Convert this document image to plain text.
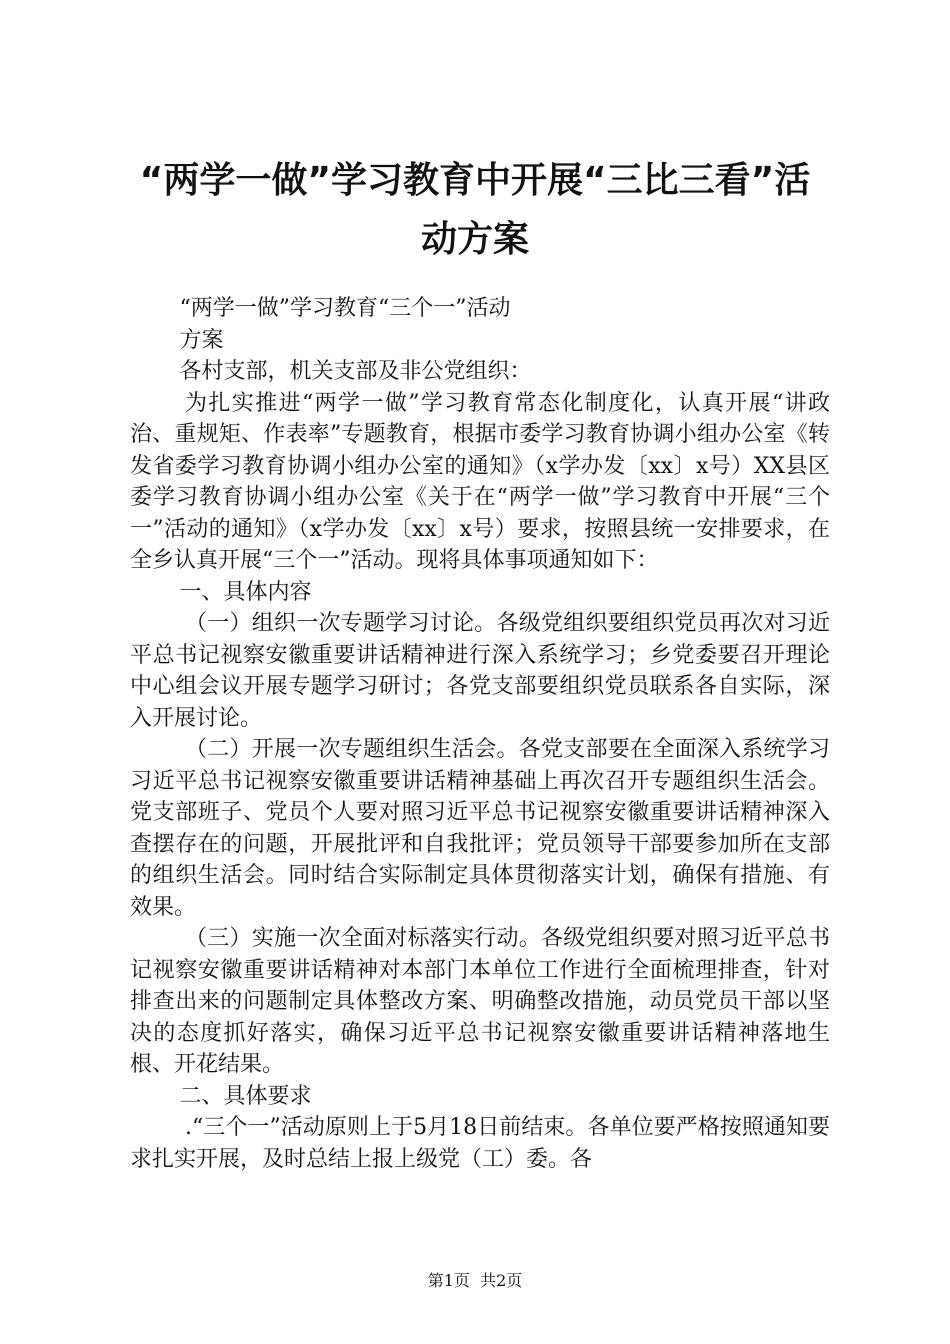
“两学一做”学习教育中开展“三比三看”活
动方案

“两学一做”学习教育“三个一”活动

方案

各村支部，机关支部及非公党组织：

为扎实推进“两学一做”学习教育常态化制度化，认真开展“讲政治、重规矩、作表率”专题教育，根据市委学习教育协调小组办公室《转发省委学习教育协调小组办公室的通知》（x学办发〔xx〕x号）XX县区委学习教育协调小组办公室《关于在“两学一做”学习教育中开展“三个一”活动的通知》（x学办发〔xx〕x号）要求，按照县统一安排要求，在全乡认真开展“三个一”活动。现将具体事项通知如下：

一、具体内容

（一）组织一次专题学习讨论。各级党组织要组织党员再次对习近平总书记视察安徽重要讲话精神进行深入系统学习；乡党委要召开理论中心组会议开展专题学习研讨；各党支部要组织党员联系各自实际，深入开展讨论。

（二）开展一次专题组织生活会。各党支部要在全面深入系统学习习近平总书记视察安徽重要讲话精神基础上再次召开专题组织生活会。党支部班子、党员个人要对照习近平总书记视察安徽重要讲话精神深入查摆存在的问题，开展批评和自我批评；党员领导干部要参加所在支部的组织生活会。同时结合实际制定具体贯彻落实计划，确保有措施、有效果。

（三）实施一次全面对标落实行动。各级党组织要对照习近平总书记视察安徽重要讲话精神对本部门本单位工作进行全面梳理排查，针对排查出来的问题制定具体整改方案、明确整改措施，动员党员干部以坚决的态度抓好落实，确保习近平总书记视察安徽重要讲话精神落地生根、开花结果。

二、具体要求

.“三个一”活动原则上于5月18日前结束。各单位要严格按照通知要求扎实开展，及时总结上报上级党（工）委。各

第1页  共2页
